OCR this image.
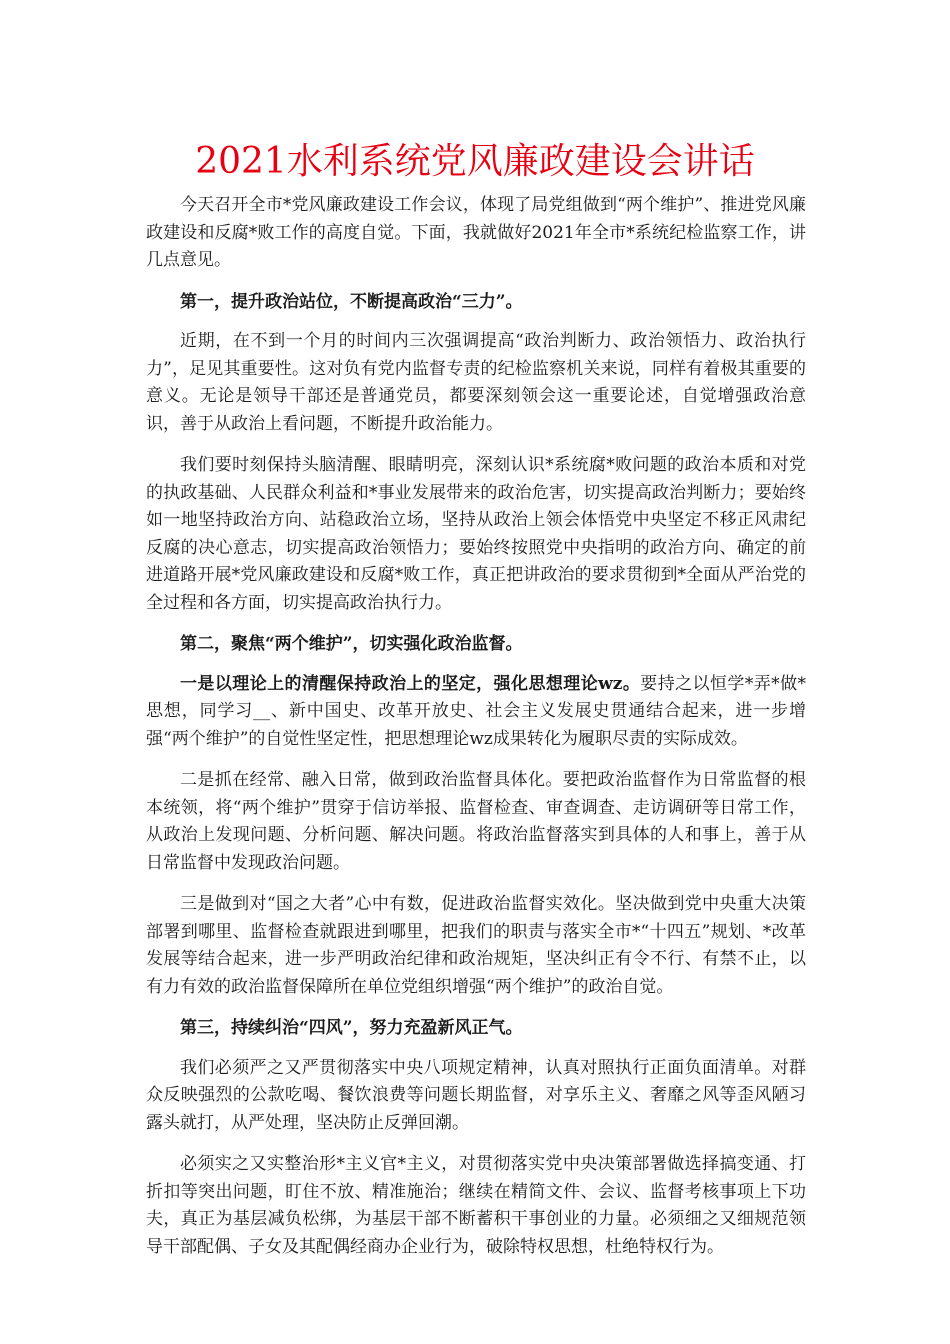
2021水利系统党风廉政建设会讲话

今天召开全市*党风廉政建设工作会议，体现了局党组做到“两个维护”、推进党风廉政建设和反腐*败工作的高度自觉。下面，我就做好2021年全市*系统纪检监察工作，讲几点意见。

第一，提升政治站位，不断提高政治“三力”。

近期，在不到一个月的时间内三次强调提高“政治判断力、政治领悟力、政治执行力”，足见其重要性。这对负有党内监督专责的纪检监察机关来说，同样有着极其重要的意义。无论是领导干部还是普通党员，都要深刻领会这一重要论述，自觉增强政治意识，善于从政治上看问题，不断提升政治能力。

我们要时刻保持头脑清醒、眼睛明亮，深刻认识*系统腐*败问题的政治本质和对党的执政基础、人民群众利益和*事业发展带来的政治危害，切实提高政治判断力；要始终如一地坚持政治方向、站稳政治立场，坚持从政治上领会体悟党中央坚定不移正风肃纪反腐的决心意志，切实提高政治领悟力；要始终按照党中央指明的政治方向、确定的前进道路开展*党风廉政建设和反腐*败工作，真正把讲政治的要求贯彻到*全面从严治党的全过程和各方面，切实提高政治执行力。

第二，聚焦“两个维护”，切实强化政治监督。

一是以理论上的清醒保持政治上的坚定，强化思想理论wz。要持之以恒学*弄*做*思想，同学习__、新中国史、改革开放史、社会主义发展史贯通结合起来，进一步增强“两个维护”的自觉性坚定性，把思想理论wz成果转化为履职尽责的实际成效。

二是抓在经常、融入日常，做到政治监督具体化。要把政治监督作为日常监督的根本统领，将“两个维护”贯穿于信访举报、监督检查、审查调查、走访调研等日常工作，从政治上发现问题、分析问题、解决问题。将政治监督落实到具体的人和事上，善于从日常监督中发现政治问题。

三是做到对“国之大者”心中有数，促进政治监督实效化。坚决做到党中央重大决策部署到哪里、监督检查就跟进到哪里，把我们的职责与落实全市*“十四五”规划、*改革发展等结合起来，进一步严明政治纪律和政治规矩，坚决纠正有令不行、有禁不止，以有力有效的政治监督保障所在单位党组织增强“两个维护”的政治自觉。

第三，持续纠治“四风”，努力充盈新风正气。

我们必须严之又严贯彻落实中央八项规定精神，认真对照执行正面负面清单。对群众反映强烈的公款吃喝、餐饮浪费等问题长期监督，对享乐主义、奢靡之风等歪风陋习露头就打，从严处理，坚决防止反弹回潮。

必须实之又实整治形*主义官*主义，对贯彻落实党中央决策部署做选择搞变通、打折扣等突出问题，盯住不放、精准施治；继续在精简文件、会议、监督考核事项上下功夫，真正为基层减负松绑，为基层干部不断蓄积干事创业的力量。必须细之又细规范领导干部配偶、子女及其配偶经商办企业行为，破除特权思想，杜绝特权行为。
